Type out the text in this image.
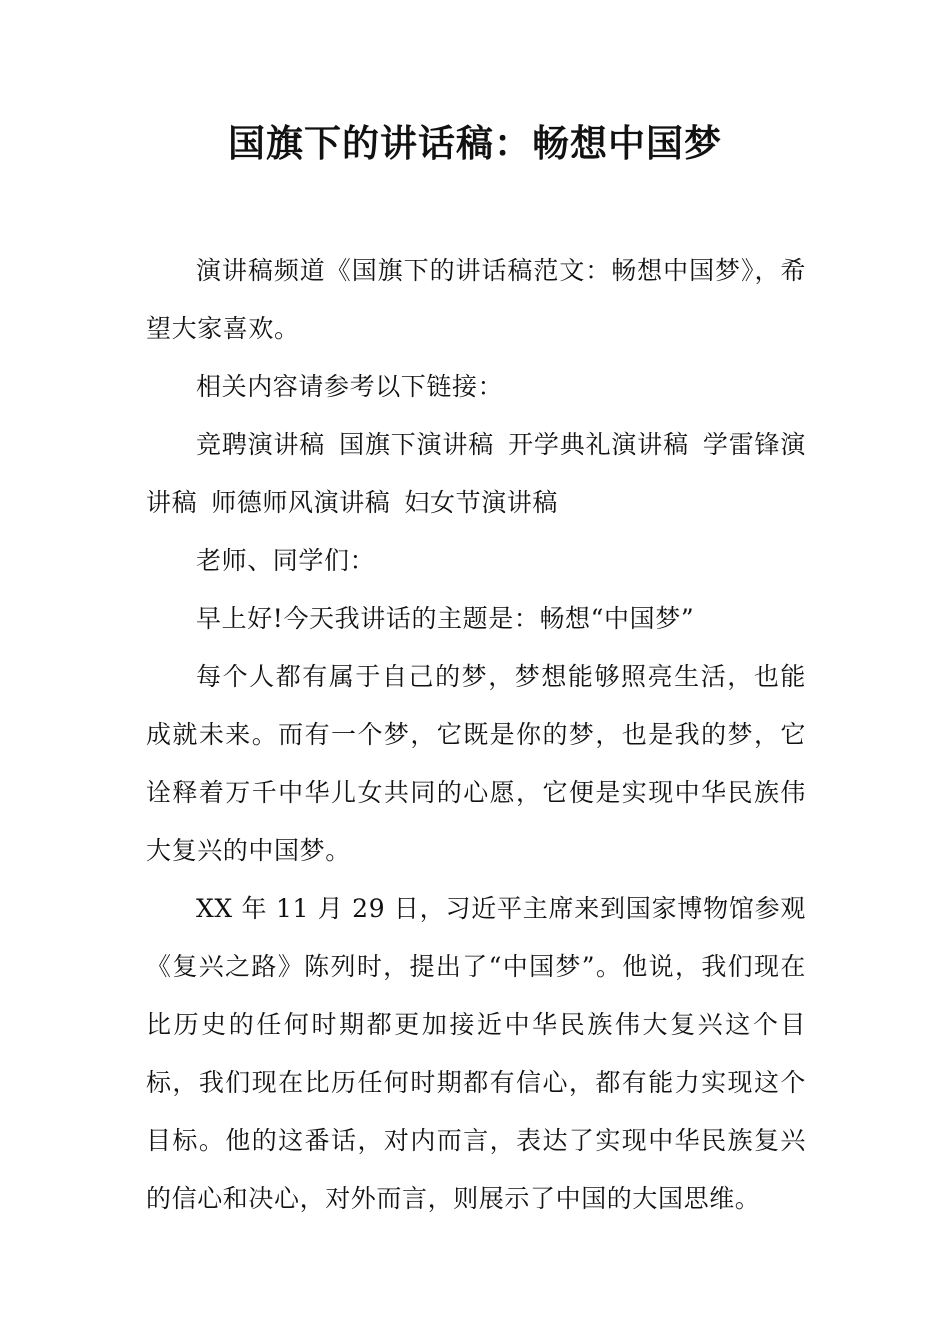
国旗下的讲话稿：畅想中国梦

演讲稿频道《国旗下的讲话稿范文：畅想中国梦》，希望大家喜欢。

相关内容请参考以下链接：

竞聘演讲稿 国旗下演讲稿 开学典礼演讲稿 学雷锋演讲稿 师德师风演讲稿 妇女节演讲稿

老师、同学们：

早上好!今天我讲话的主题是：畅想“中国梦”

每个人都有属于自己的梦，梦想能够照亮生活，也能成就未来。而有一个梦，它既是你的梦，也是我的梦，它诠释着万千中华儿女共同的心愿，它便是实现中华民族伟大复兴的中国梦。

XX 年 11 月 29 日，习近平主席来到国家博物馆参观《复兴之路》陈列时，提出了“中国梦”。他说，我们现在比历史的任何时期都更加接近中华民族伟大复兴这个目标，我们现在比历任何时期都有信心，都有能力实现这个目标。他的这番话，对内而言，表达了实现中华民族复兴的信心和决心，对外而言，则展示了中国的大国思维。
